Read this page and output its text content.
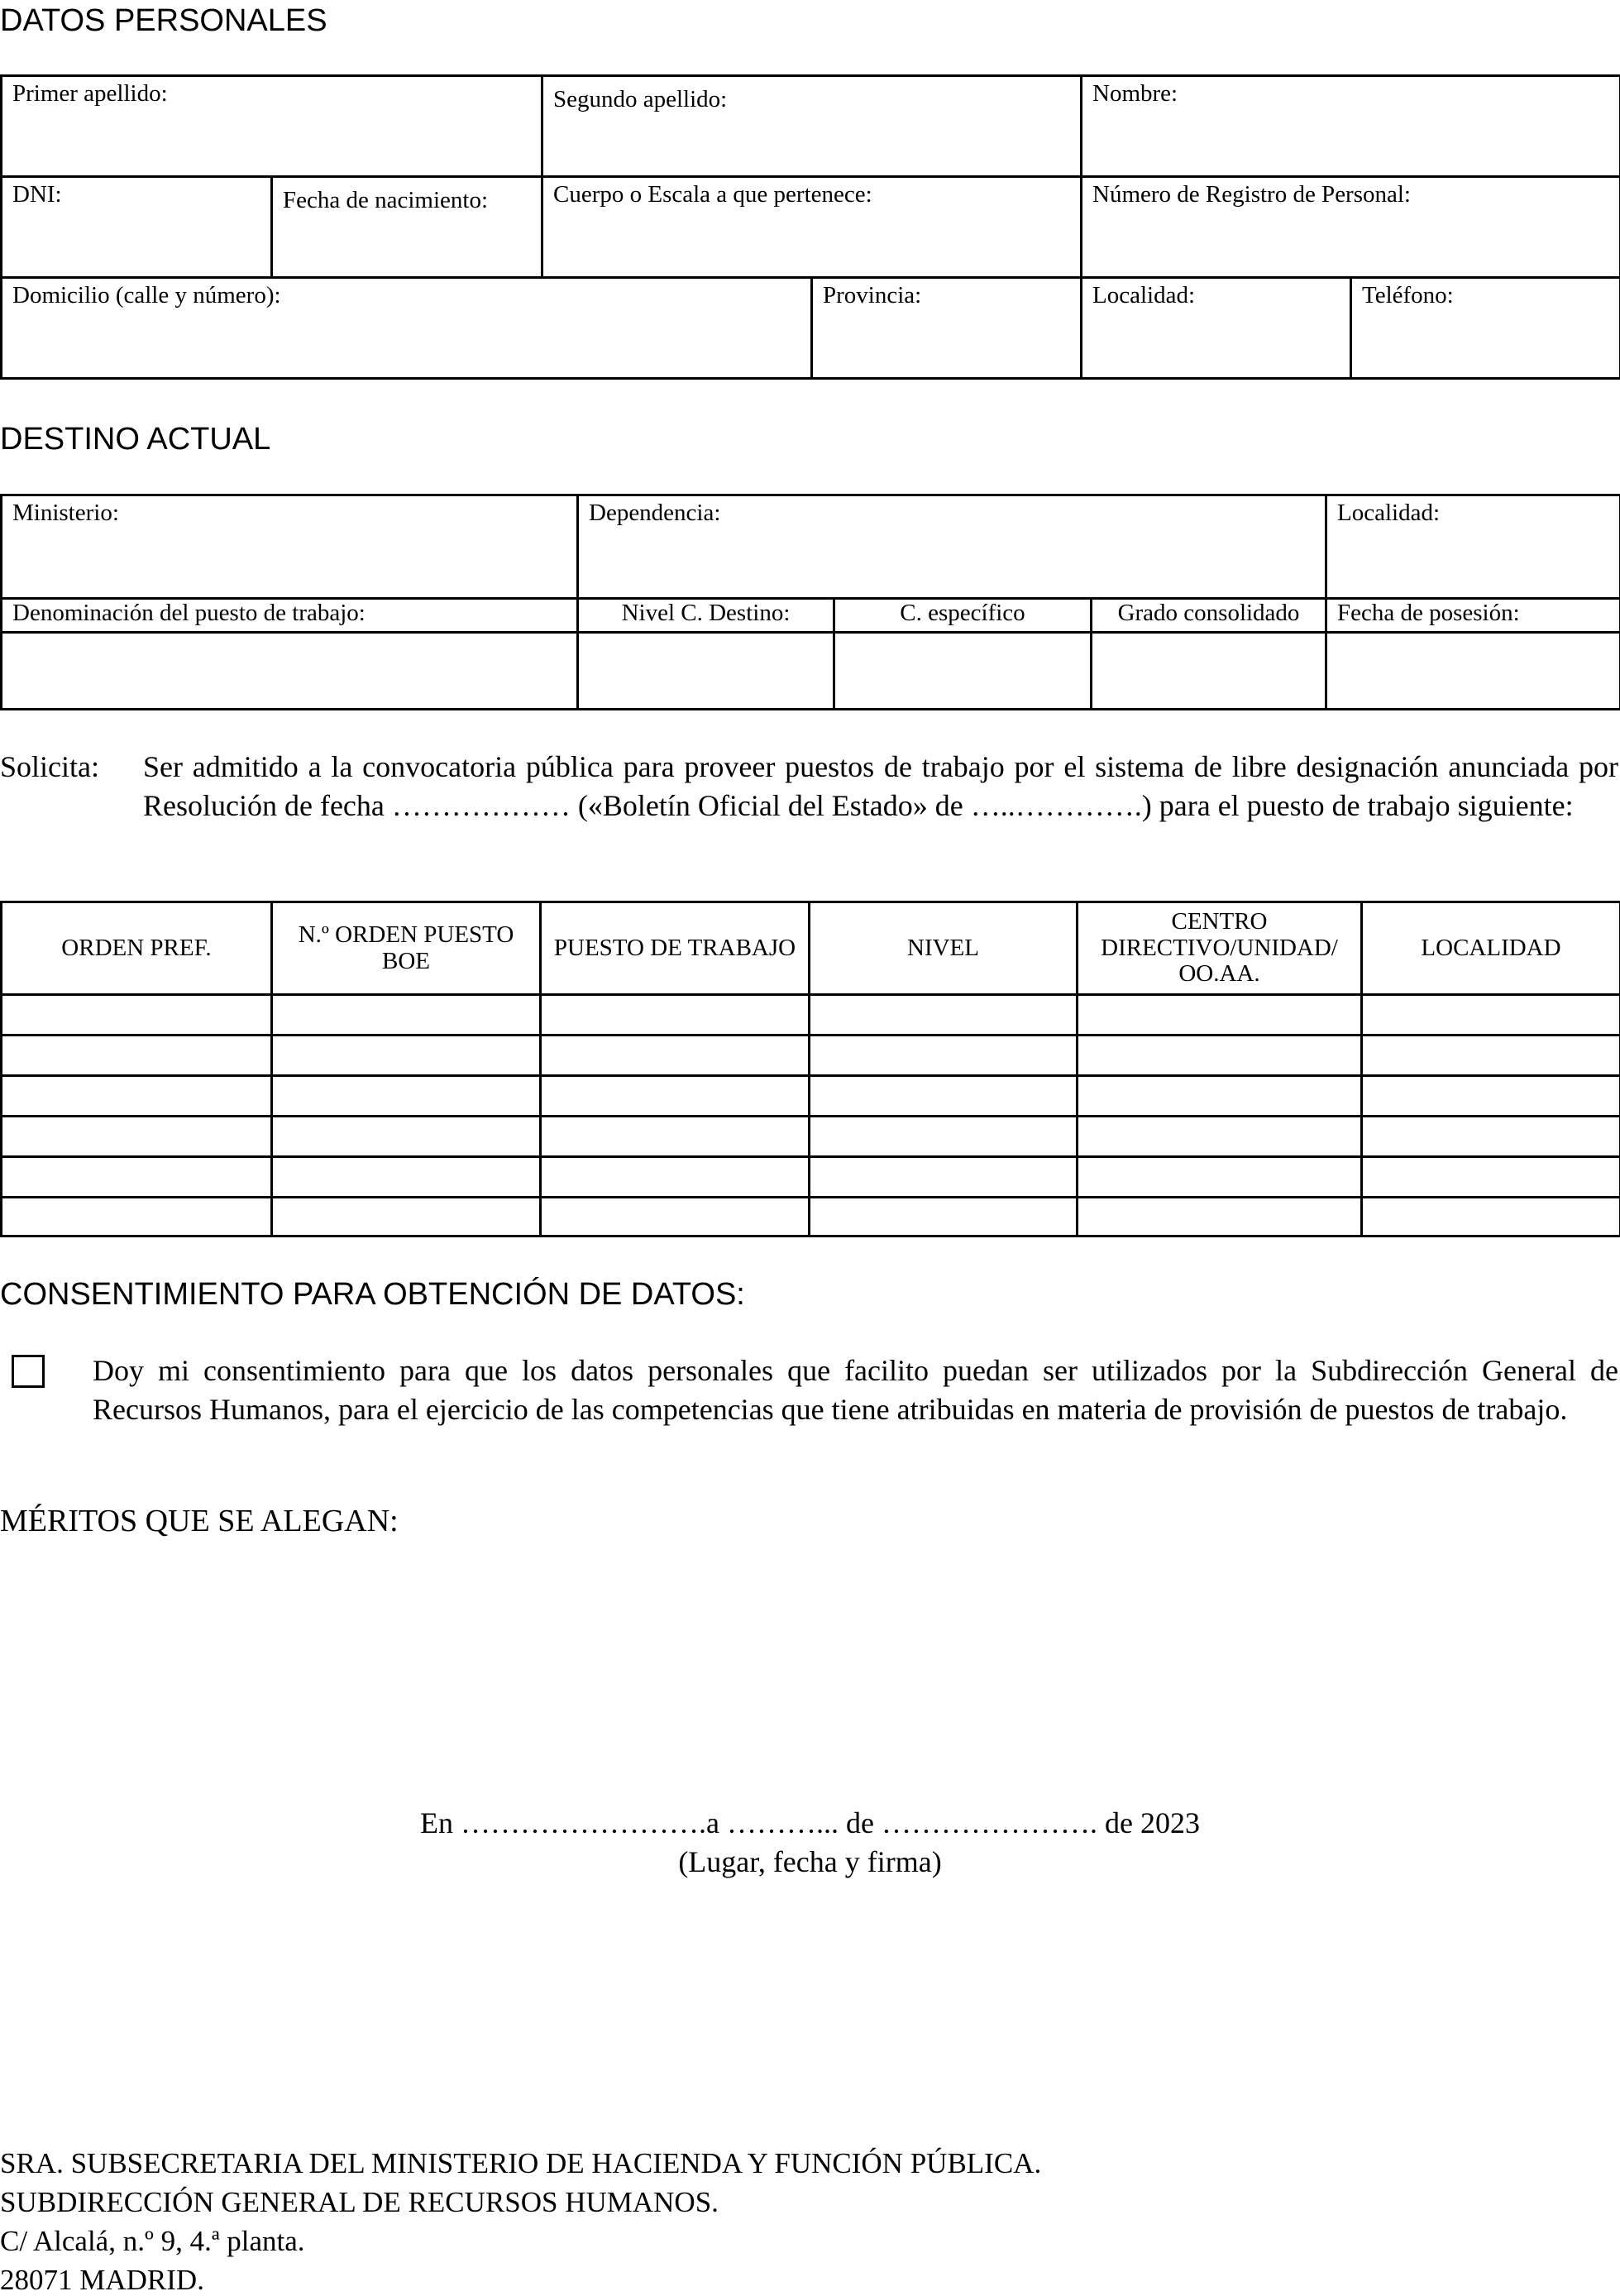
DATOS PERSONALES
Primer apellido:		Segundo apellido:		Nombre:	

DNI:	Fecha de nacimiento:	Cuerpo o Escala a que pertenece:		Número de Registro de Personal:	

Domicilio (calle y número):			Provincia:	Localidad:	Teléfono:
DESTINO ACTUAL
Ministerio:	Dependencia:			Localidad:

Denominación del puesto de trabajo:	Nivel C. Destino:	C. específico	Grado consolidado	Fecha de posesión:

Solicita:	Ser admitido a la convocatoria pública para proveer puestos de trabajo por el sistema de libre designación anunciada por Resolución de fecha ……………… («Boletín Oficial del Estado» de …..………….) para el puesto de trabajo siguiente:
ORDEN PREF.	N.º ORDEN PUESTO BOE	PUESTO DE TRABAJO	NIVEL	CENTRO DIRECTIVO/UNIDAD/ OO.AA.	LOCALIDAD

CONSENTIMIENTO PARA OBTENCIÓN DE DATOS:
Doy mi consentimiento para que los datos personales que facilito puedan ser utilizados por la Subdirección General de Recursos Humanos, para el ejercicio de las competencias que tiene atribuidas en materia de provisión de puestos de trabajo.
MÉRITOS QUE SE ALEGAN:
En …………………….a ………... de …………………. de 2023
(Lugar, fecha y firma)
SRA. SUBSECRETARIA DEL MINISTERIO DE HACIENDA Y FUNCIÓN PÚBLICA.
SUBDIRECCIÓN GENERAL DE RECURSOS HUMANOS.
C/ Alcalá, n.º 9, 4.ª planta.
28071 MADRID.
